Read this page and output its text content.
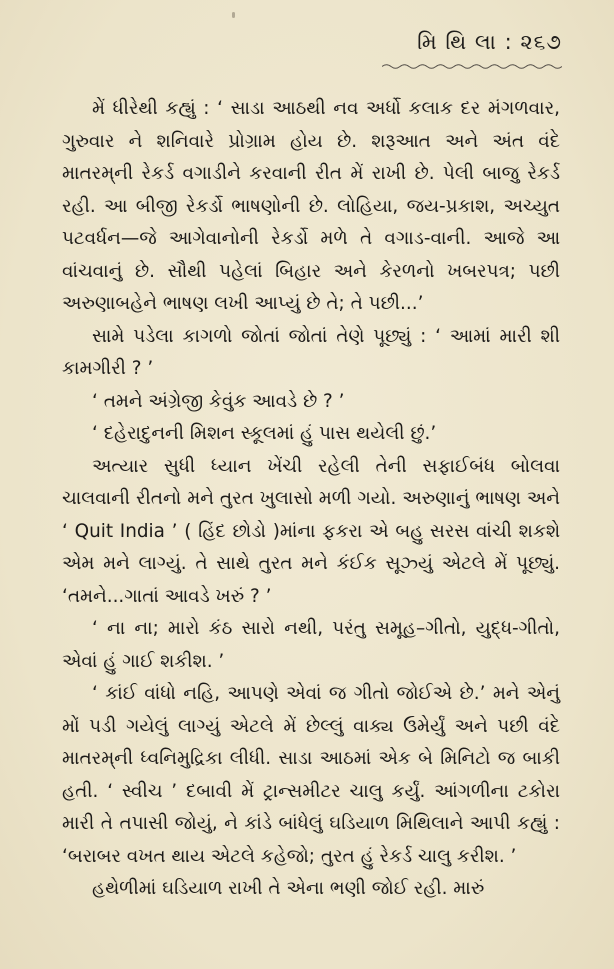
મિ થિ લા : ૨૬૭

મેં ધીરેથી કહ્યું : ‘ સાડા આઠથી નવ અર્ધો કલાક દર મંગળવાર, ગુરુવાર ને શનિવારે પ્રોગ્રામ હોય છે. શરૂઆત અને અંત વંદે માતરમ્‌ની રેકર્ડ વગાડીને કરવાની રીત મેં રાખી છે. પેલી બાજુ રેકર્ડ રહી. આ બીજી રેકર્ડો ભાષણોની છે. લોહિયા, જય-પ્રકાશ, અચ્યુત પટવર્ધન—જે આગેવાનોની રેકર્ડો મળે તે વગાડ-વાની. આજે આ વાંચવાનું છે. સૌથી પહેલાં બિહાર અને કેરળનો ખબરપત્ર; પછી અરુણાબહેને ભાષણ લખી આપ્યું છે તે; તે પછી...’

સામે પડેલા કાગળો જોતાં જોતાં તેણે પૂછ્યું : ‘ આમાં મારી શી કામગીરી ? ’

‘ તમને અંગ્રેજી કેવુંક આવડે છે ? ’

‘ દહેરાદુનની મિશન સ્કૂલમાં હું પાસ થયેલી છું.’

અત્યાર સુધી ધ્યાન ખેંચી રહેલી તેની સફાઈબંધ બોલવા ચાલવાની રીતનો મને તુરત ખુલાસો મળી ગયો. અરુણાનું ભાષણ અને ‘ Quit India ’ ( હિંદ છોડો )માંના ફકરા એ બહુ સરસ વાંચી શકશે એમ મને લાગ્યું. તે સાથે તુરત મને કંઈક સૂઝ્યું એટલે મેં પૂછ્યું. ‘તમને...ગાતાં આવડે ખરું ? ’

‘ ના ના; મારો કંઠ સારો નથી, પરંતુ સમૂહ–ગીતો, યુદ્ધ-ગીતો, એવાં હું ગાઈ શકીશ. ’

‘ કાંઈ વાંધો નહિ, આપણે એવાં જ ગીતો જોઈએ છે.’ મને એનું મોં પડી ગયેલું લાગ્યું એટલે મેં છેલ્લું વાક્ય ઉમેર્યું અને પછી વંદે માતરમ્‌ની ધ્વનિમુદ્રિકા લીધી. સાડા આઠમાં એક બે મિનિટો જ બાકી હતી. ‘ સ્વીચ ’ દબાવી મેં ટ્રાન્સમીટર ચાલુ કર્યું. આંગળીના ટકોરા મારી તે તપાસી જોયું, ને કાંડે બાંધેલું ઘડિયાળ મિથિલાને આપી કહ્યું : ‘બરાબર વખત થાય એટલે કહેજો; તુરત હું રેકર્ડ ચાલુ કરીશ. ’

હથેળીમાં ઘડિયાળ રાખી તે એના ભણી જોઈ રહી. મારું
